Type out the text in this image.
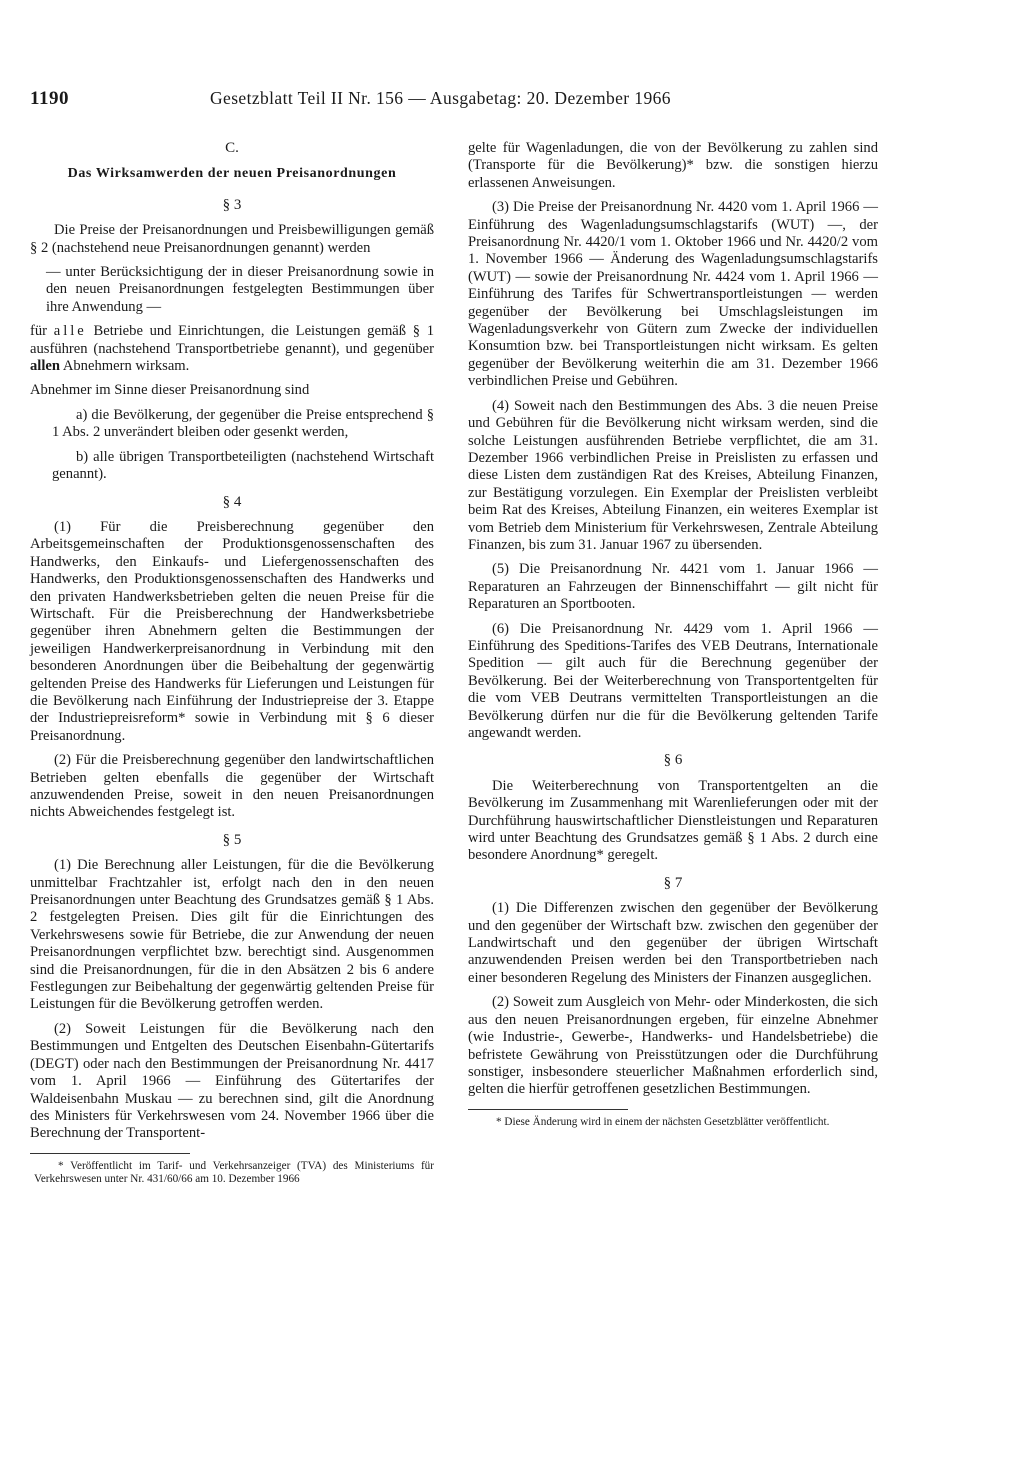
1190	Gesetzblatt Teil II Nr. 156 — Ausgabetag: 20. Dezember 1966
C.
Das Wirksamwerden der neuen Preisanordnungen
§ 3

Die Preise der Preisanordnungen und Preisbewilligungen gemäß § 2 (nachstehend neue Preisanordnungen genannt) werden

— unter Berücksichtigung der in dieser Preisanordnung sowie in den neuen Preisanordnungen festgelegten Bestimmungen über ihre Anwendung —

für alle Betriebe und Einrichtungen, die Leistungen gemäß § 1 ausführen (nachstehend Transportbetriebe genannt), und gegenüber allen Abnehmern wirksam.

Abnehmer im Sinne dieser Preisanordnung sind

a) die Bevölkerung, der gegenüber die Preise entsprechend § 1 Abs. 2 unverändert bleiben oder gesenkt werden,

b) alle übrigen Transportbeteiligten (nachstehend Wirtschaft genannt).

§ 4

(1) Für die Preisberechnung gegenüber den Arbeitsgemeinschaften der Produktionsgenossenschaften des Handwerks, den Einkaufs- und Liefergenossenschaften des Handwerks, den Produktionsgenossenschaften des Handwerks und den privaten Handwerksbetrieben gelten die neuen Preise für die Wirtschaft. Für die Preisberechnung der Handwerksbetriebe gegenüber ihren Abnehmern gelten die Bestimmungen der jeweiligen Handwerkerpreisanordnung in Verbindung mit den besonderen Anordnungen über die Beibehaltung der gegenwärtig geltenden Preise des Handwerks für Lieferungen und Leistungen für die Bevölkerung nach Einführung der Industriepreise der 3. Etappe der Industriepreisreform* sowie in Verbindung mit § 6 dieser Preisanordnung.

(2) Für die Preisberechnung gegenüber den landwirtschaftlichen Betrieben gelten ebenfalls die gegenüber der Wirtschaft anzuwendenden Preise, soweit in den neuen Preisanordnungen nichts Abweichendes festgelegt ist.

§ 5

(1) Die Berechnung aller Leistungen, für die die Bevölkerung unmittelbar Frachtzahler ist, erfolgt nach den in den neuen Preisanordnungen unter Beachtung des Grundsatzes gemäß § 1 Abs. 2 festgelegten Preisen. Dies gilt für die Einrichtungen des Verkehrswesens sowie für Betriebe, die zur Anwendung der neuen Preisanordnungen verpflichtet bzw. berechtigt sind. Ausgenommen sind die Preisanordnungen, für die in den Absätzen 2 bis 6 andere Festlegungen zur Beibehaltung der gegenwärtig geltenden Preise für Leistungen für die Bevölkerung getroffen werden.

(2) Soweit Leistungen für die Bevölkerung nach den Bestimmungen und Entgelten des Deutschen Eisenbahn-Gütertarifs (DEGT) oder nach den Bestimmungen der Preisanordnung Nr. 4417 vom 1. April 1966 — Einführung des Gütertarifes der Waldeisenbahn Muskau — zu berechnen sind, gilt die Anordnung des Ministers für Verkehrswesen vom 24. November 1966 über die Berechnung der Transportent-

* Veröffentlicht im Tarif- und Verkehrsanzeiger (TVA) des Ministeriums für Verkehrswesen unter Nr. 431/60/66 am 10. Dezember 1966

gelte für Wagenladungen, die von der Bevölkerung zu zahlen sind (Transporte für die Bevölkerung)* bzw. die sonstigen hierzu erlassenen Anweisungen.

(3) Die Preise der Preisanordnung Nr. 4420 vom 1. April 1966 — Einführung des Wagenladungsumschlagstarifs (WUT) —, der Preisanordnung Nr. 4420/1 vom 1. Oktober 1966 und Nr. 4420/2 vom 1. November 1966 — Änderung des Wagenladungsumschlagstarifs (WUT) — sowie der Preisanordnung Nr. 4424 vom 1. April 1966 — Einführung des Tarifes für Schwertransportleistungen — werden gegenüber der Bevölkerung bei Umschlagsleistungen im Wagenladungsverkehr von Gütern zum Zwecke der individuellen Konsumtion bzw. bei Transportleistungen nicht wirksam. Es gelten gegenüber der Bevölkerung weiterhin die am 31. Dezember 1966 verbindlichen Preise und Gebühren.

(4) Soweit nach den Bestimmungen des Abs. 3 die neuen Preise und Gebühren für die Bevölkerung nicht wirksam werden, sind die solche Leistungen ausführenden Betriebe verpflichtet, die am 31. Dezember 1966 verbindlichen Preise in Preislisten zu erfassen und diese Listen dem zuständigen Rat des Kreises, Abteilung Finanzen, zur Bestätigung vorzulegen. Ein Exemplar der Preislisten verbleibt beim Rat des Kreises, Abteilung Finanzen, ein weiteres Exemplar ist vom Betrieb dem Ministerium für Verkehrswesen, Zentrale Abteilung Finanzen, bis zum 31. Januar 1967 zu übersenden.

(5) Die Preisanordnung Nr. 4421 vom 1. Januar 1966 — Reparaturen an Fahrzeugen der Binnenschiffahrt — gilt nicht für Reparaturen an Sportbooten.

(6) Die Preisanordnung Nr. 4429 vom 1. April 1966 — Einführung des Speditions-Tarifes des VEB Deutrans, Internationale Spedition — gilt auch für die Berechnung gegenüber der Bevölkerung. Bei der Weiterberechnung von Transportentgelten für die vom VEB Deutrans vermittelten Transportleistungen an die Bevölkerung dürfen nur die für die Bevölkerung geltenden Tarife angewandt werden.

§ 6

Die Weiterberechnung von Transportentgelten an die Bevölkerung im Zusammenhang mit Warenlieferungen oder mit der Durchführung hauswirtschaftlicher Dienstleistungen und Reparaturen wird unter Beachtung des Grundsatzes gemäß § 1 Abs. 2 durch eine besondere Anordnung* geregelt.

§ 7

(1) Die Differenzen zwischen den gegenüber der Bevölkerung und den gegenüber der Wirtschaft bzw. zwischen den gegenüber der Landwirtschaft und den gegenüber der übrigen Wirtschaft anzuwendenden Preisen werden bei den Transportbetrieben nach einer besonderen Regelung des Ministers der Finanzen ausgeglichen.

(2) Soweit zum Ausgleich von Mehr- oder Minderkosten, die sich aus den neuen Preisanordnungen ergeben, für einzelne Abnehmer (wie Industrie-, Gewerbe-, Handwerks- und Handelsbetriebe) die befristete Gewährung von Preisstützungen oder die Durchführung sonstiger, insbesondere steuerlicher Maßnahmen erforderlich sind, gelten die hierfür getroffenen gesetzlichen Bestimmungen.

* Diese Änderung wird in einem der nächsten Gesetzblätter veröffentlicht.
